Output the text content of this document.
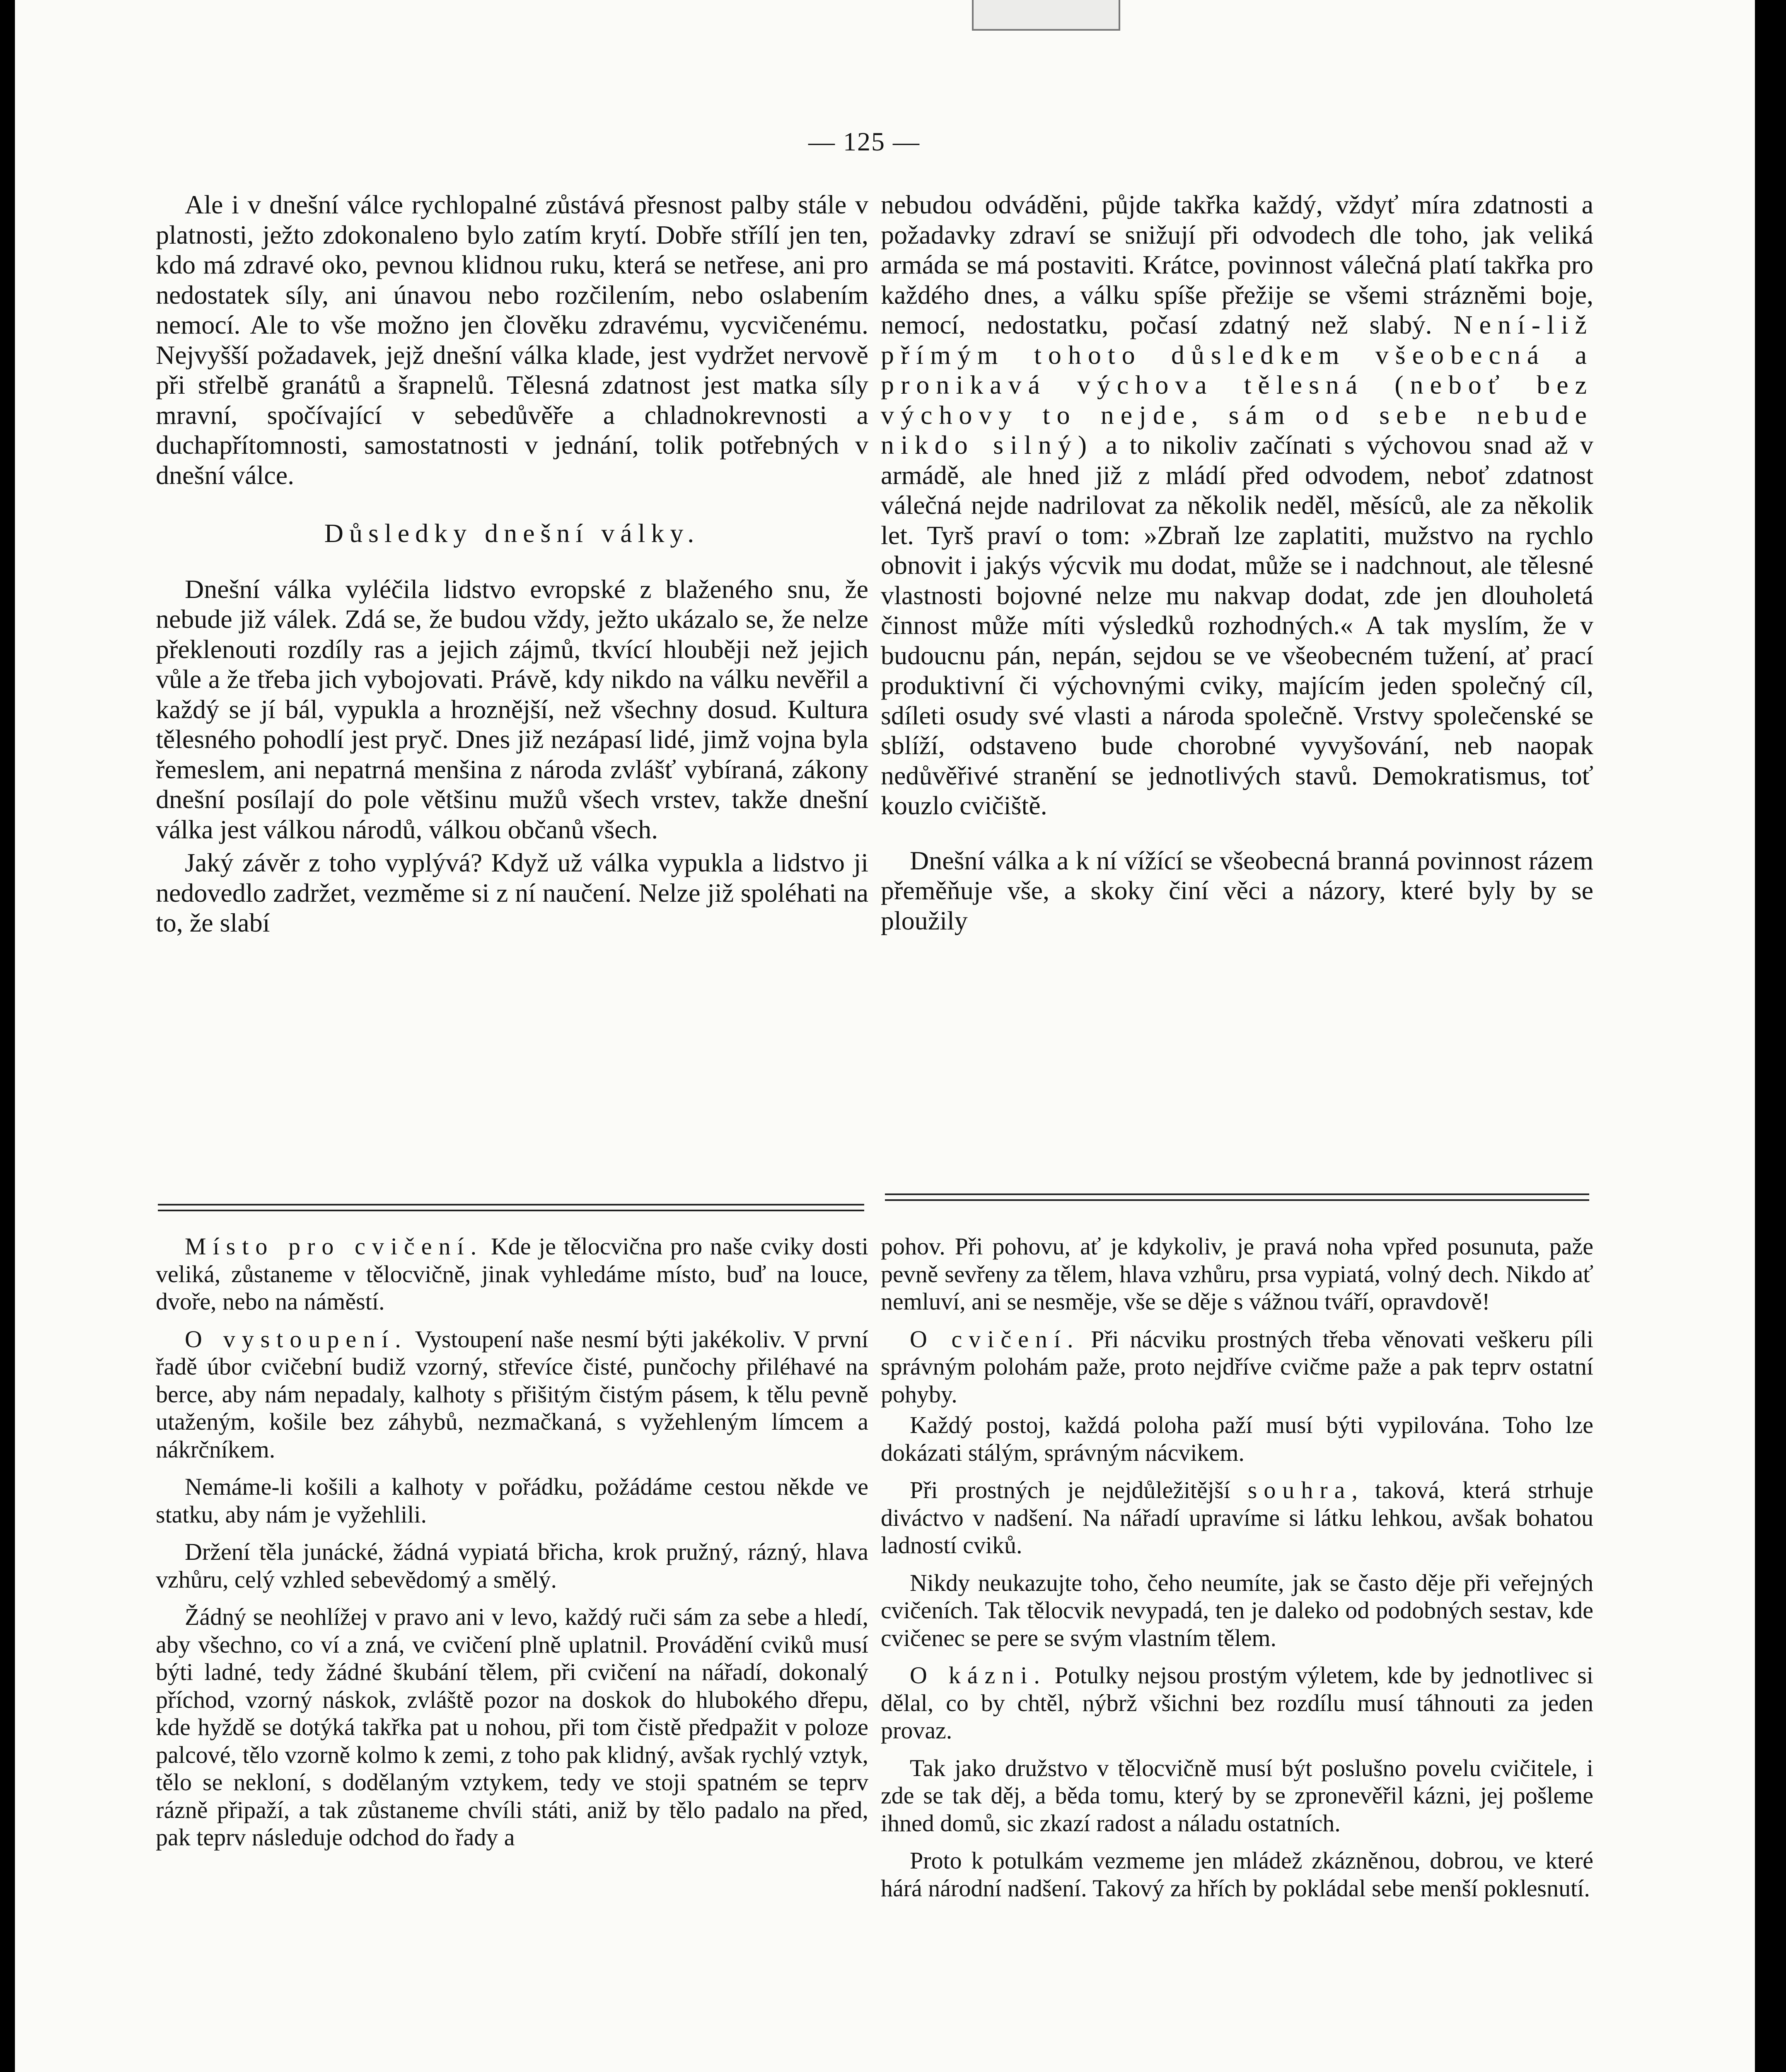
— 125 —

Ale i v dnešní válce rychlopalné zůstává přesnost palby stále v platnosti, ježto zdokonaleno bylo zatím krytí. Dobře střílí jen ten, kdo má zdravé oko, pevnou klidnou ruku, která se netřese, ani pro nedostatek síly, ani únavou nebo rozčilením, nebo oslabením nemocí. Ale to vše možno jen člověku zdravému, vycvičenému. Nejvyšší požadavek, jejž dnešní válka klade, jest vydržet nervově při střelbě granátů a šrapnelů. Tělesná zdatnost jest matka síly mravní, spočívající v sebedůvěře a chladnokrevnosti a duchapřítomnosti, samostatnosti v jednání, tolik potřebných v dnešní válce.

Důsledky dnešní války.

Dnešní válka vyléčila lidstvo evropské z blaženého snu, že nebude již válek. Zdá se, že budou vždy, ježto ukázalo se, že nelze překlenouti rozdíly ras a jejich zájmů, tkvící hlouběji než jejich vůle a že třeba jich vybojovati. Právě, kdy nikdo na válku nevěřil a každý se jí bál, vypukla a hroznější, než všechny dosud. Kultura tělesného pohodlí jest pryč. Dnes již nezápasí lidé, jimž vojna byla řemeslem, ani nepatrná menšina z národa zvlášť vybíraná, zákony dnešní posílají do pole většinu mužů všech vrstev, takže dnešní válka jest válkou národů, válkou občanů všech.

Jaký závěr z toho vyplývá? Když už válka vypukla a lidstvo ji nedovedlo zadržet, vezměme si z ní naučení. Nelze již spoléhati na to, že slabí

nebudou odváděni, půjde takřka každý, vždyť míra zdatnosti a požadavky zdraví se snižují při odvodech dle toho, jak veliká armáda se má postaviti. Krátce, povinnost válečná platí takřka pro každého dnes, a válku spíše přežije se všemi strázněmi boje, nemocí, nedostatku, počasí zdatný než slabý. Není-liž přímým tohoto důsledkem všeobecná a pronikavá výchova tělesná (neboť bez výchovy to nejde, sám od sebe nebude nikdo silný) a to nikoliv začínati s výchovou snad až v armádě, ale hned již z mládí před odvodem, neboť zdatnost válečná nejde nadrilovat za několik neděl, měsíců, ale za několik let. Tyrš praví o tom: »Zbraň lze zaplatiti, mužstvo na rychlo obnovit i jakýs výcvik mu dodat, může se i nadchnout, ale tělesné vlastnosti bojovné nelze mu nakvap dodat, zde jen dlouholetá činnost může míti výsledků rozhodných.« A tak myslím, že v budoucnu pán, nepán, sejdou se ve všeobecném tužení, ať prací produktivní či výchovnými cviky, majícím jeden společný cíl, sdíleti osudy své vlasti a národa společně. Vrstvy společenské se sblíží, odstaveno bude chorobné vyvyšování, neb naopak nedůvěřivé stranění se jednotlivých stavů. Demokratismus, toť kouzlo cvičiště.

Dnešní válka a k ní vížící se všeobecná branná povinnost rázem přeměňuje vše, a skoky činí věci a názory, které byly by se ploužily

Místo pro cvičení. Kde je tělocvična pro naše cviky dosti veliká, zůstaneme v tělocvičně, jinak vyhledáme místo, buď na louce, dvoře, nebo na náměstí.

O vystoupení. Vystoupení naše nesmí býti jakékoliv. V první řadě úbor cvičební budiž vzorný, střevíce čisté, punčochy přiléhavé na berce, aby nám nepadaly, kalhoty s přišitým čistým pásem, k tělu pevně utaženým, košile bez záhybů, nezmačkaná, s vyžehleným límcem a nákrčníkem.

Nemáme-li košili a kalhoty v pořádku, požádáme cestou někde ve statku, aby nám je vyžehlili.

Držení těla junácké, žádná vypiatá břicha, krok pružný, rázný, hlava vzhůru, celý vzhled sebevědomý a smělý.

Žádný se neohlížej v pravo ani v levo, každý ruči sám za sebe a hledí, aby všechno, co ví a zná, ve cvičení plně uplatnil. Provádění cviků musí býti ladné, tedy žádné škubání tělem, při cvičení na nářadí, dokonalý příchod, vzorný náskok, zvláště pozor na doskok do hlubokého dřepu, kde hyždě se dotýká takřka pat u nohou, při tom čistě předpažit v poloze palcové, tělo vzorně kolmo k zemi, z toho pak klidný, avšak rychlý vztyk, tělo se nekloní, s dodělaným vztykem, tedy ve stoji spatném se teprv rázně připaží, a tak zůstaneme chvíli státi, aniž by tělo padalo na před, pak teprv následuje odchod do řady a

pohov. Při pohovu, ať je kdykoliv, je pravá noha vpřed posunuta, paže pevně sevřeny za tělem, hlava vzhůru, prsa vypiatá, volný dech. Nikdo ať nemluví, ani se nesměje, vše se děje s vážnou tváří, opravdově!

O cvičení. Při nácviku prostných třeba věnovati veškeru píli správným polohám paže, proto nejdříve cvičme paže a pak teprv ostatní pohyby.

Každý postoj, každá poloha paží musí býti vypilována. Toho lze dokázati stálým, správným nácvikem.

Při prostných je nejdůležitější souhra, taková, která strhuje diváctvo v nadšení. Na nářadí upravíme si látku lehkou, avšak bohatou ladností cviků.

Nikdy neukazujte toho, čeho neumíte, jak se často děje při veřejných cvičeních. Tak tělocvik nevypadá, ten je daleko od podobných sestav, kde cvičenec se pere se svým vlastním tělem.

O kázni. Potulky nejsou prostým výletem, kde by jednotlivec si dělal, co by chtěl, nýbrž všichni bez rozdílu musí táhnouti za jeden provaz.

Tak jako družstvo v tělocvičně musí být poslušno povelu cvičitele, i zde se tak děj, a běda tomu, který by se zpronevěřil kázni, jej pošleme ihned domů, sic zkazí radost a náladu ostatních.

Proto k potulkám vezmeme jen mládež zkázněnou, dobrou, ve které hárá národní nadšení. Takový za hřích by pokládal sebe menší poklesnutí.
